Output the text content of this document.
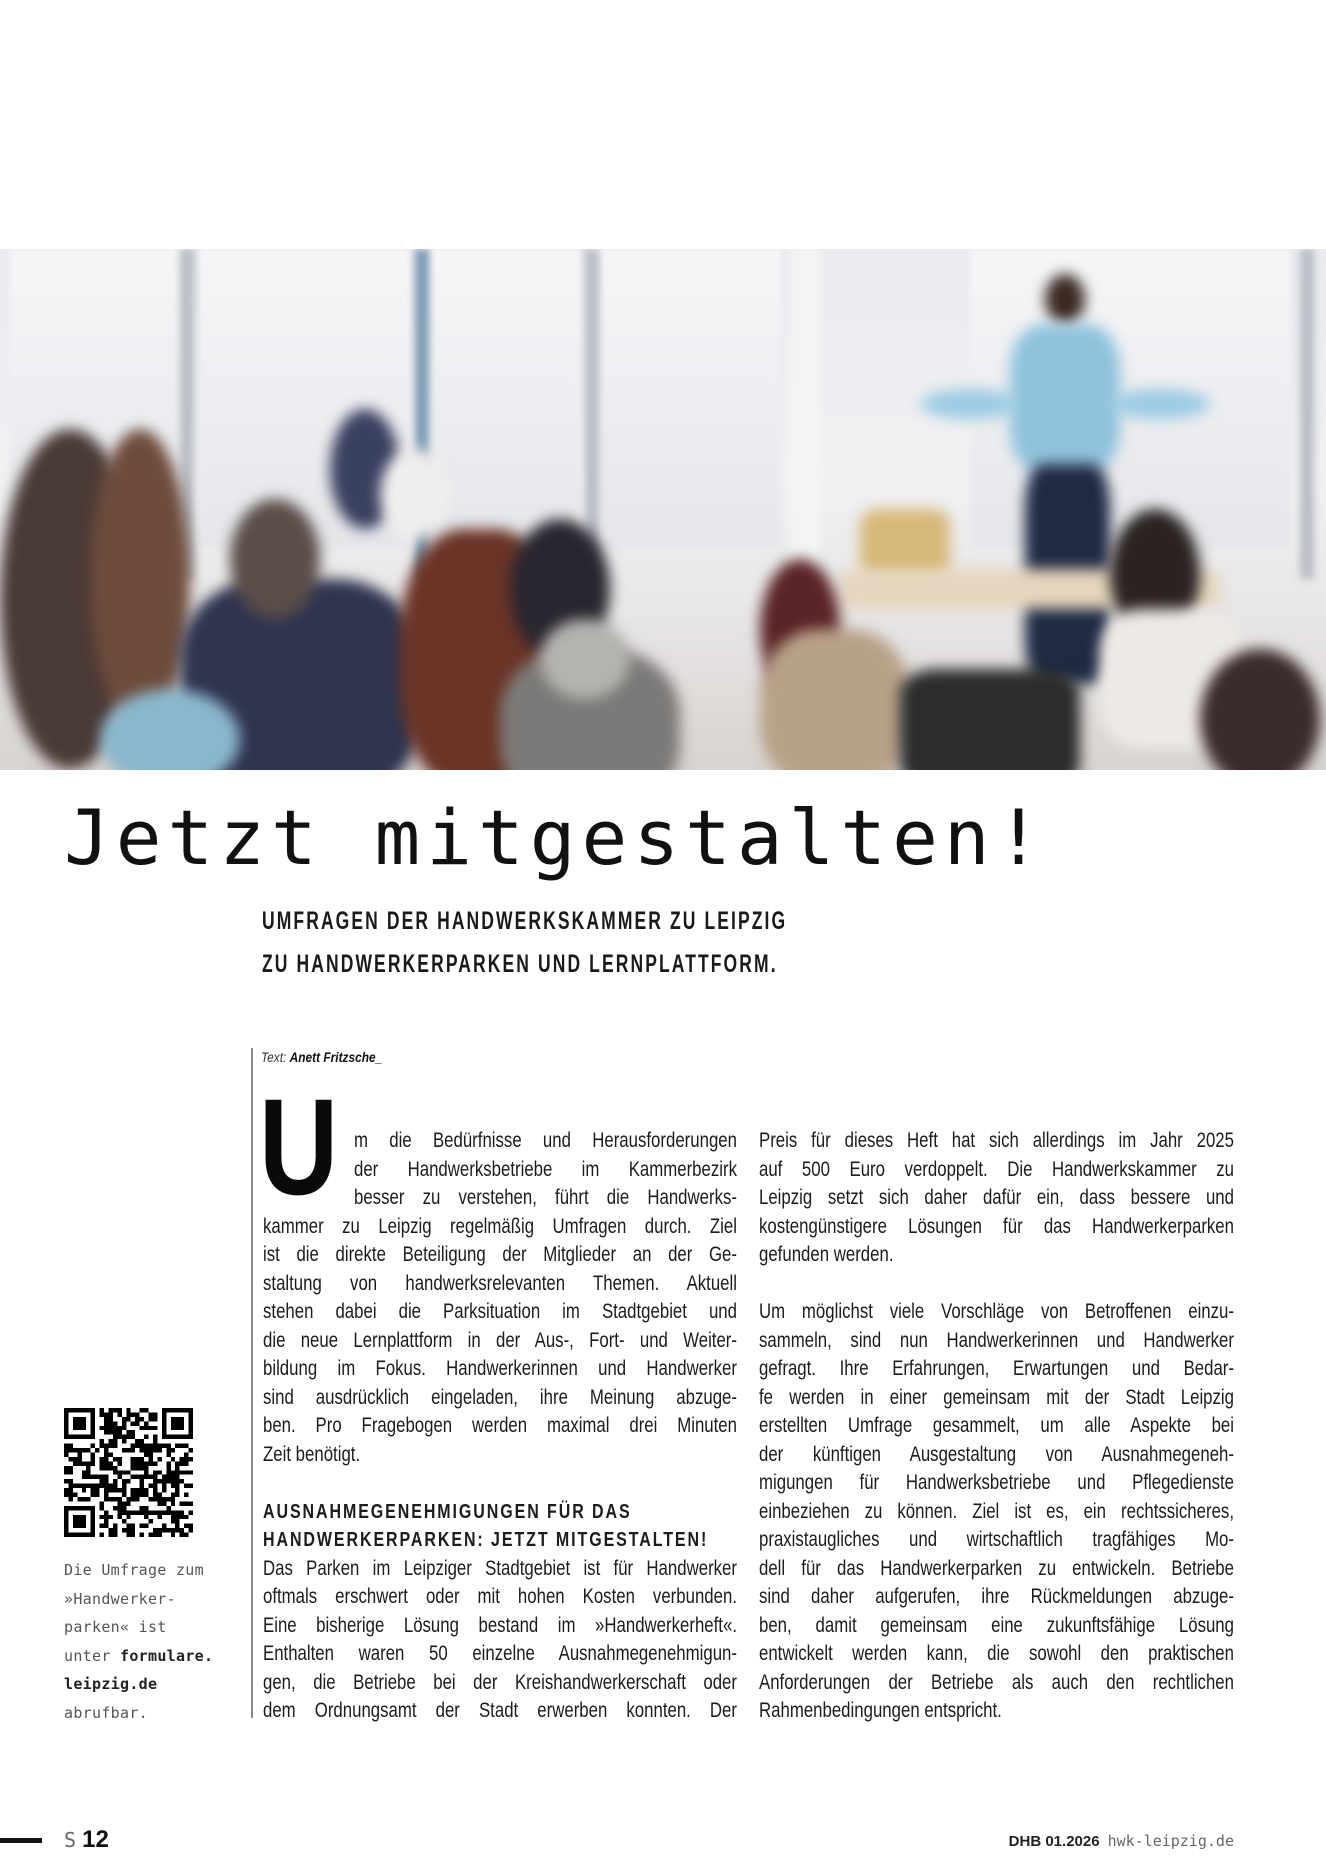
Jetzt mitgestalten!
UMFRAGEN DER HANDWERKSKAMMER ZU LEIPZIG
ZU HANDWERKERPARKEN UND LERNPLATTFORM.
Text: Anett Fritzsche_
U m die Bedürfnisse und Herausforderungen
der Handwerksbetriebe im Kammerbezirk
besser zu verstehen, führt die Handwerks-
kammer zu Leipzig regelmäßig Umfragen durch. Ziel
ist die direkte Beteiligung der Mitglieder an der Ge-
staltung von handwerksrelevanten Themen. Aktuell
stehen dabei die Parksituation im Stadtgebiet und
die neue Lernplattform in der Aus-, Fort- und Weiter-
bildung im Fokus. Handwerkerinnen und Handwerker
sind ausdrücklich eingeladen, ihre Meinung abzuge-
ben. Pro Fragebogen werden maximal drei Minuten
Zeit benötigt.
AUSNAHMEGENEHMIGUNGEN FÜR DAS
HANDWERKERPARKEN: JETZT MITGESTALTEN!
Das Parken im Leipziger Stadtgebiet ist für Handwerker
oftmals erschwert oder mit hohen Kosten verbunden.
Eine bisherige Lösung bestand im »Handwerkerheft«.
Enthalten waren 50 einzelne Ausnahmegenehmigun-
gen, die Betriebe bei der Kreishandwerkerschaft oder
dem Ordnungsamt der Stadt erwerben konnten. Der
Preis für dieses Heft hat sich allerdings im Jahr 2025
auf 500 Euro verdoppelt. Die Handwerkskammer zu
Leipzig setzt sich daher dafür ein, dass bessere und
kostengünstigere Lösungen für das Handwerkerparken
gefunden werden.
Um möglichst viele Vorschläge von Betroffenen einzu-
sammeln, sind nun Handwerkerinnen und Handwerker
gefragt. Ihre Erfahrungen, Erwartungen und Bedar-
fe werden in einer gemeinsam mit der Stadt Leipzig
erstellten Umfrage gesammelt, um alle Aspekte bei
der künftigen Ausgestaltung von Ausnahmegeneh-
migungen für Handwerksbetriebe und Pflegedienste
einbeziehen zu können. Ziel ist es, ein rechtssicheres,
praxistaugliches und wirtschaftlich tragfähiges Mo-
dell für das Handwerkerparken zu entwickeln. Betriebe
sind daher aufgerufen, ihre Rückmeldungen abzuge-
ben, damit gemeinsam eine zukunftsfähige Lösung
entwickelt werden kann, die sowohl den praktischen
Anforderungen der Betriebe als auch den rechtlichen
Rahmenbedingungen entspricht.
Die Umfrage zum
»Handwerker-
parken« ist
unter formulare.
leipzig.de
abrufbar.
S 12	DHB 01.2026 hwk-leipzig.de
